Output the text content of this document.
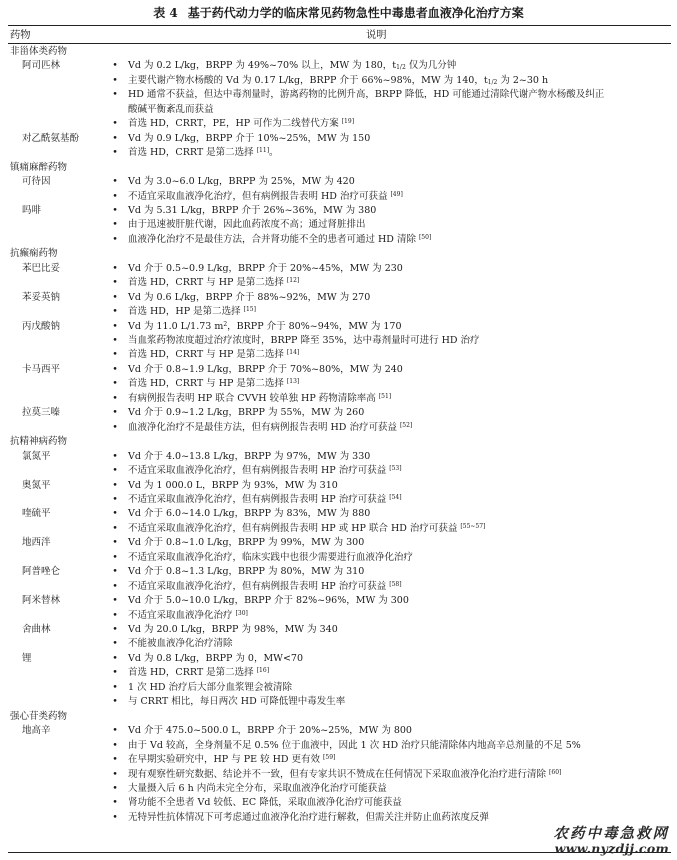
表 4 基于药代动力学的临床常见药物急性中毒患者血液净化治疗方案
药物	说明
非甾体类药物
阿司匹林	• Vd 为 0.2 L/kg，BRPP 为 49%~70% 以上，MW 为 180，$t_{1/2}$ 仅为几分钟
• 主要代谢产物水杨酸的 Vd 为 0.17 L/kg，BRPP 介于 66%~98%，MW 为 140，$t_{1/2}$ 为 2~30 h
• HD 通常不获益，但达中毒剂量时，游离药物的比例升高，BRPP 降低，HD 可能通过清除代谢产物水杨酸及纠正
酸碱平衡紊乱而获益
• 首选 HD，CRRT，PE，HP 可作为二线替代方案 [19]
对乙酰氨基酚	• Vd 为 0.9 L/kg，BRPP 介于 10%~25%，MW 为 150
• 首选 HD，CRRT 是第二选择 [11]。
镇痛麻醉药物
可待因	• Vd 为 3.0~6.0 L/kg，BRPP 为 25%，MW 为 420
• 不适宜采取血液净化治疗，但有病例报告表明 HD 治疗可获益 [49]
吗啡	• Vd 为 5.31 L/kg，BRPP 介于 26%~36%，MW 为 380
• 由于迅速被肝脏代谢，因此血药浓度不高；通过肾脏排出
• 血液净化治疗不是最佳方法，合并肾功能不全的患者可通过 HD 清除 [50]
抗癫痫药物
苯巴比妥	• Vd 介于 0.5~0.9 L/kg，BRPP 介于 20%~45%，MW 为 230
• 首选 HD，CRRT 与 HP 是第二选择 [12]
苯妥英钠	• Vd 为 0.6 L/kg，BRPP 介于 88%~92%，MW 为 270
• 首选 HD，HP 是第二选择 [15]
丙戊酸钠	• Vd 为 11.0 L/1.73 $m^2$，BRPP 介于 80%~94%，MW 为 170
• 当血浆药物浓度超过治疗浓度时，BRPP 降至 35%，达中毒剂量时可进行 HD 治疗
• 首选 HD，CRRT 与 HP 是第二选择 [14]
卡马西平	• Vd 介于 0.8~1.9 L/kg，BRPP 介于 70%~80%，MW 为 240
• 首选 HD，CRRT 与 HP 是第二选择 [13]
• 有病例报告表明 HP 联合 CVVH 较单独 HP 药物清除率高 [51]
拉莫三嗪	• Vd 介于 0.9~1.2 L/kg，BRPP 为 55%，MW 为 260
• 血液净化治疗不是最佳方法，但有病例报告表明 HD 治疗可获益 [52]
抗精神病药物
氯氮平	• Vd 介于 4.0~13.8 L/kg，BRPP 为 97%，MW 为 330
• 不适宜采取血液净化治疗，但有病例报告表明 HP 治疗可获益 [53]
奥氮平	• Vd 为 1 000.0 L，BRPP 为 93%，MW 为 310
• 不适宜采取血液净化治疗，但有病例报告表明 HP 治疗可获益 [54]
喹硫平	• Vd 介于 6.0~14.0 L/kg，BRPP 为 83%，MW 为 880
• 不适宜采取血液净化治疗，但有病例报告表明 HP 或 HP 联合 HD 治疗可获益 [55~57]
地西泮	• Vd 介于 0.8~1.0 L/kg，BRPP 为 99%，MW 为 300
• 不适宜采取血液净化治疗，临床实践中也很少需要进行血液净化治疗
阿普唑仑	• Vd 介于 0.8~1.3 L/kg，BRPP 为 80%，MW 为 310
• 不适宜采取血液净化治疗，但有病例报告表明 HP 治疗可获益 [58]
阿米替林	• Vd 介于 5.0~10.0 L/kg，BRPP 介于 82%~96%，MW 为 300
• 不适宜采取血液净化治疗 [30]
舍曲林	• Vd 为 20.0 L/kg，BRPP 为 98%，MW 为 340
• 不能被血液净化治疗清除
锂	• Vd 为 0.8 L/kg，BRPP 为 0，MW<70
• 首选 HD，CRRT 是第二选择 [16]
• 1 次 HD 治疗后大部分血浆锂会被清除
• 与 CRRT 相比，每日两次 HD 可降低锂中毒发生率
强心苷类药物
地高辛	• Vd 介于 475.0~500.0 L，BRPP 介于 20%~25%，MW 为 800
• 由于 Vd 较高，全身剂量不足 0.5% 位于血液中，因此 1 次 HD 治疗只能清除体内地高辛总剂量的不足 5%
• 在早期实验研究中，HP 与 PE 较 HD 更有效 [59]
• 现有观察性研究数据、结论并不一致，但有专家共识不赞成在任何情况下采取血液净化治疗进行清除 [60]
• 大量摄入后 6 h 内尚未完全分布，采取血液净化治疗可能获益
• 肾功能不全患者 Vd 较低、EC 降低，采取血液净化治疗可能获益
• 无特异性抗体情况下可考虑通过血液净化治疗进行解救，但需关注并防止血药浓度反弹
农药中毒急救网
www.nyzdjj.com
